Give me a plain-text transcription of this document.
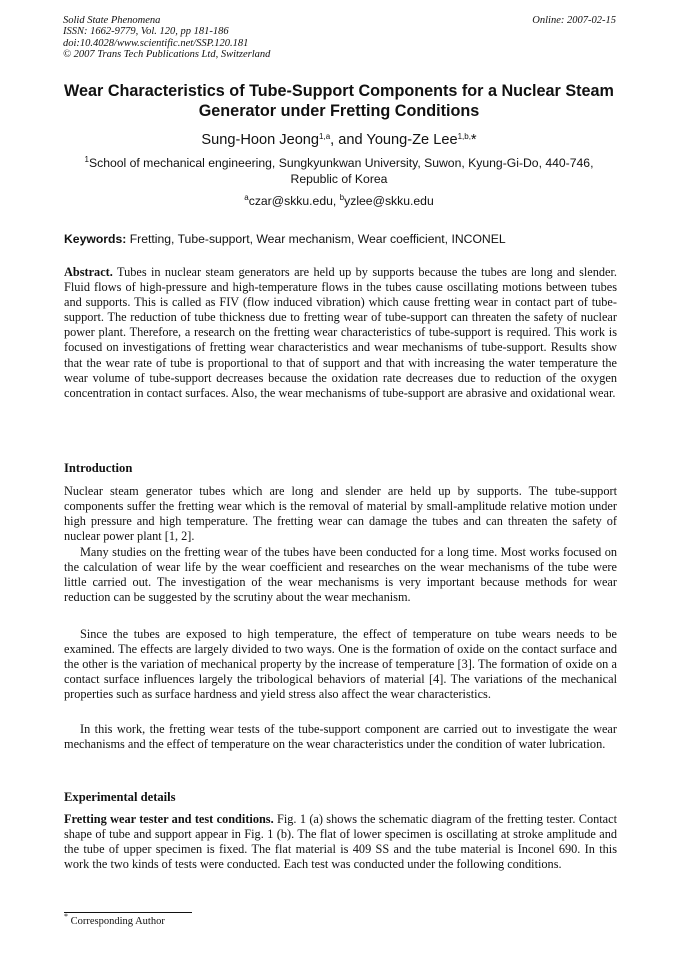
Solid State Phenomena
ISSN: 1662-9779, Vol. 120, pp 181-186
doi:10.4028/www.scientific.net/SSP.120.181
© 2007 Trans Tech Publications Ltd, Switzerland
Online: 2007-02-15
Wear Characteristics of Tube-Support Components for a Nuclear Steam
Generator under Fretting Conditions
Sung-Hoon Jeong$^{1,a}$, and Young-Ze Lee$^{1,b,}$*
$^1$School of mechanical engineering, Sungkyunkwan University, Suwon, Kyung-Gi-Do, 440-746,
Republic of Korea
$^a$czar@skku.edu, $^b$yzlee@skku.edu
Keywords: Fretting, Tube-support, Wear mechanism, Wear coefficient, INCONEL

Abstract. Tubes in nuclear steam generators are held up by supports because the tubes are long and slender. Fluid flows of high-pressure and high-temperature flows in the tubes cause oscillating motions between tubes and supports. This is called as FIV (flow induced vibration) which cause fretting wear in contact part of tube-support. The reduction of tube thickness due to fretting wear of tube-support can threaten the safety of nuclear power plant. Therefore, a research on the fretting wear characteristics of tube-support is required. This work is focused on investigations of fretting wear characteristics and wear mechanisms of tube-support. Results show that the wear rate of tube is proportional to that of support and that with increasing the water temperature the wear volume of tube-support decreases because the oxidation rate decreases due to reduction of the oxygen concentration in contact surfaces. Also, the wear mechanisms of tube-support are abrasive and oxidational wear.

Introduction

Nuclear steam generator tubes which are long and slender are held up by supports. The tube-support components suffer the fretting wear which is the removal of material by small-amplitude relative motion under high pressure and high temperature. The fretting wear can damage the tubes and can threaten the safety of nuclear power plant [1, 2].

Many studies on the fretting wear of the tubes have been conducted for a long time. Most works focused on the calculation of wear life by the wear coefficient and researches on the wear mechanisms of the tube were little carried out. The investigation of the wear mechanisms is very important because methods for wear reduction can be suggested by the scrutiny about the wear mechanism.

Since the tubes are exposed to high temperature, the effect of temperature on tube wears needs to be examined. The effects are largely divided to two ways. One is the formation of oxide on the contact surface and the other is the variation of mechanical property by the increase of temperature [3]. The formation of oxide on a contact surface influences largely the tribological behaviors of material [4]. The variations of the mechanical properties such as surface hardness and yield stress also affect the wear characteristics.

In this work, the fretting wear tests of the tube-support component are carried out to investigate the wear mechanisms and the effect of temperature on the wear characteristics under the condition of water lubrication.

Experimental details

Fretting wear tester and test conditions. Fig. 1 (a) shows the schematic diagram of the fretting tester. Contact shape of tube and support appear in Fig. 1 (b). The flat of lower specimen is oscillating at stroke amplitude and the tube of upper specimen is fixed. The flat material is 409 SS and the tube material is Inconel 690. In this work the two kinds of tests were conducted. Each test was conducted under the following conditions.

* Corresponding Author
